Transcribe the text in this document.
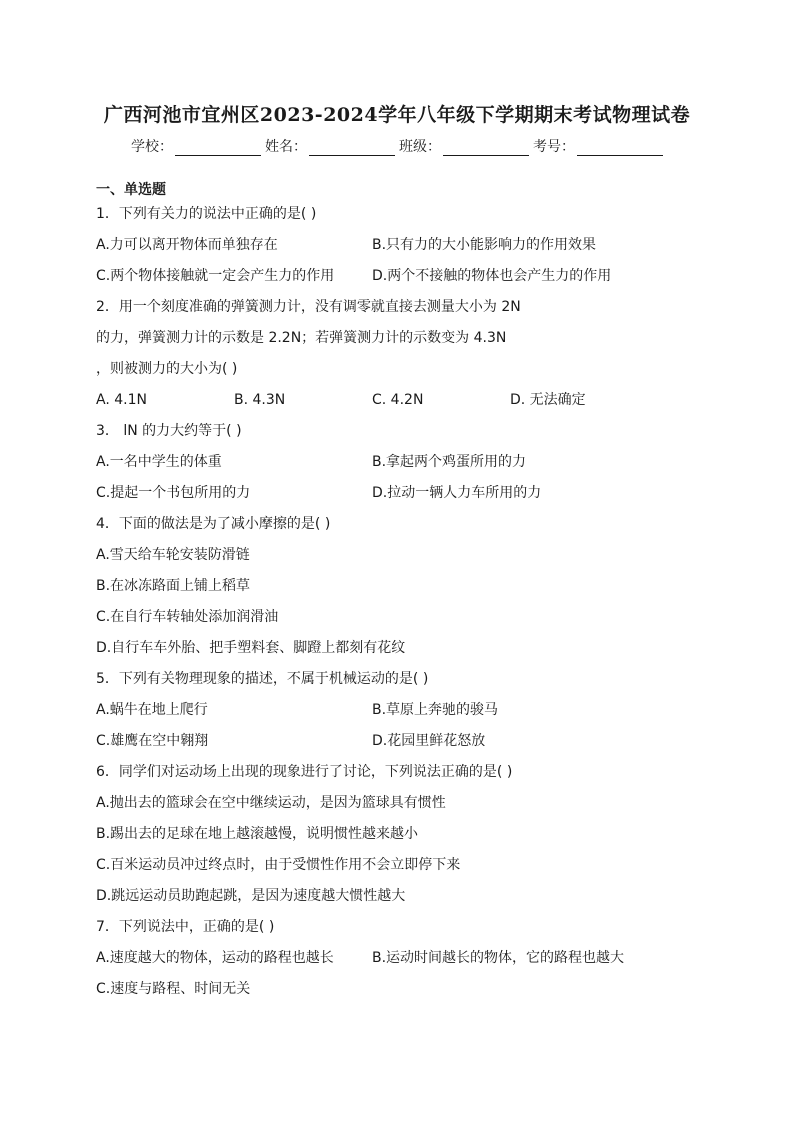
广西河池市宜州区2023-2024学年八年级下学期期末考试物理试卷
学校：	姓名：	班级：	考号：
一、单选题
1．下列有关力的说法中正确的是( )
A.力可以离开物体而单独存在	B.只有力的大小能影响力的作用效果
C.两个物体接触就一定会产生力的作用	D.两个不接触的物体也会产生力的作用
2．用一个刻度准确的弹簧测力计，没有调零就直接去测量大小为 2N
的力，弹簧测力计的示数是 2.2N；若弹簧测力计的示数变为 4.3N
，则被测力的大小为( )
A. 4.1N	B. 4.3N	C. 4.2N	D. 无法确定
3． lN 的力大约等于( )
A.一名中学生的体重	B.拿起两个鸡蛋所用的力
C.提起一个书包所用的力	D.拉动一辆人力车所用的力
4．下面的做法是为了减小摩擦的是( )
A.雪天给车轮安装防滑链
B.在冰冻路面上铺上稻草
C.在自行车转轴处添加润滑油
D.自行车车外胎、把手塑料套、脚蹬上都刻有花纹
5．下列有关物理现象的描述，不属于机械运动的是( )
A.蜗牛在地上爬行	B.草原上奔驰的骏马
C.雄鹰在空中翱翔	D.花园里鲜花怒放
6．同学们对运动场上出现的现象进行了讨论，下列说法正确的是( )
A.抛出去的篮球会在空中继续运动，是因为篮球具有惯性
B.踢出去的足球在地上越滚越慢，说明惯性越来越小
C.百米运动员冲过终点时，由于受惯性作用不会立即停下来
D.跳远运动员助跑起跳，是因为速度越大惯性越大
7．下列说法中，正确的是( )
A.速度越大的物体，运动的路程也越长	B.运动时间越长的物体，它的路程也越大
C.速度与路程、时间无关
